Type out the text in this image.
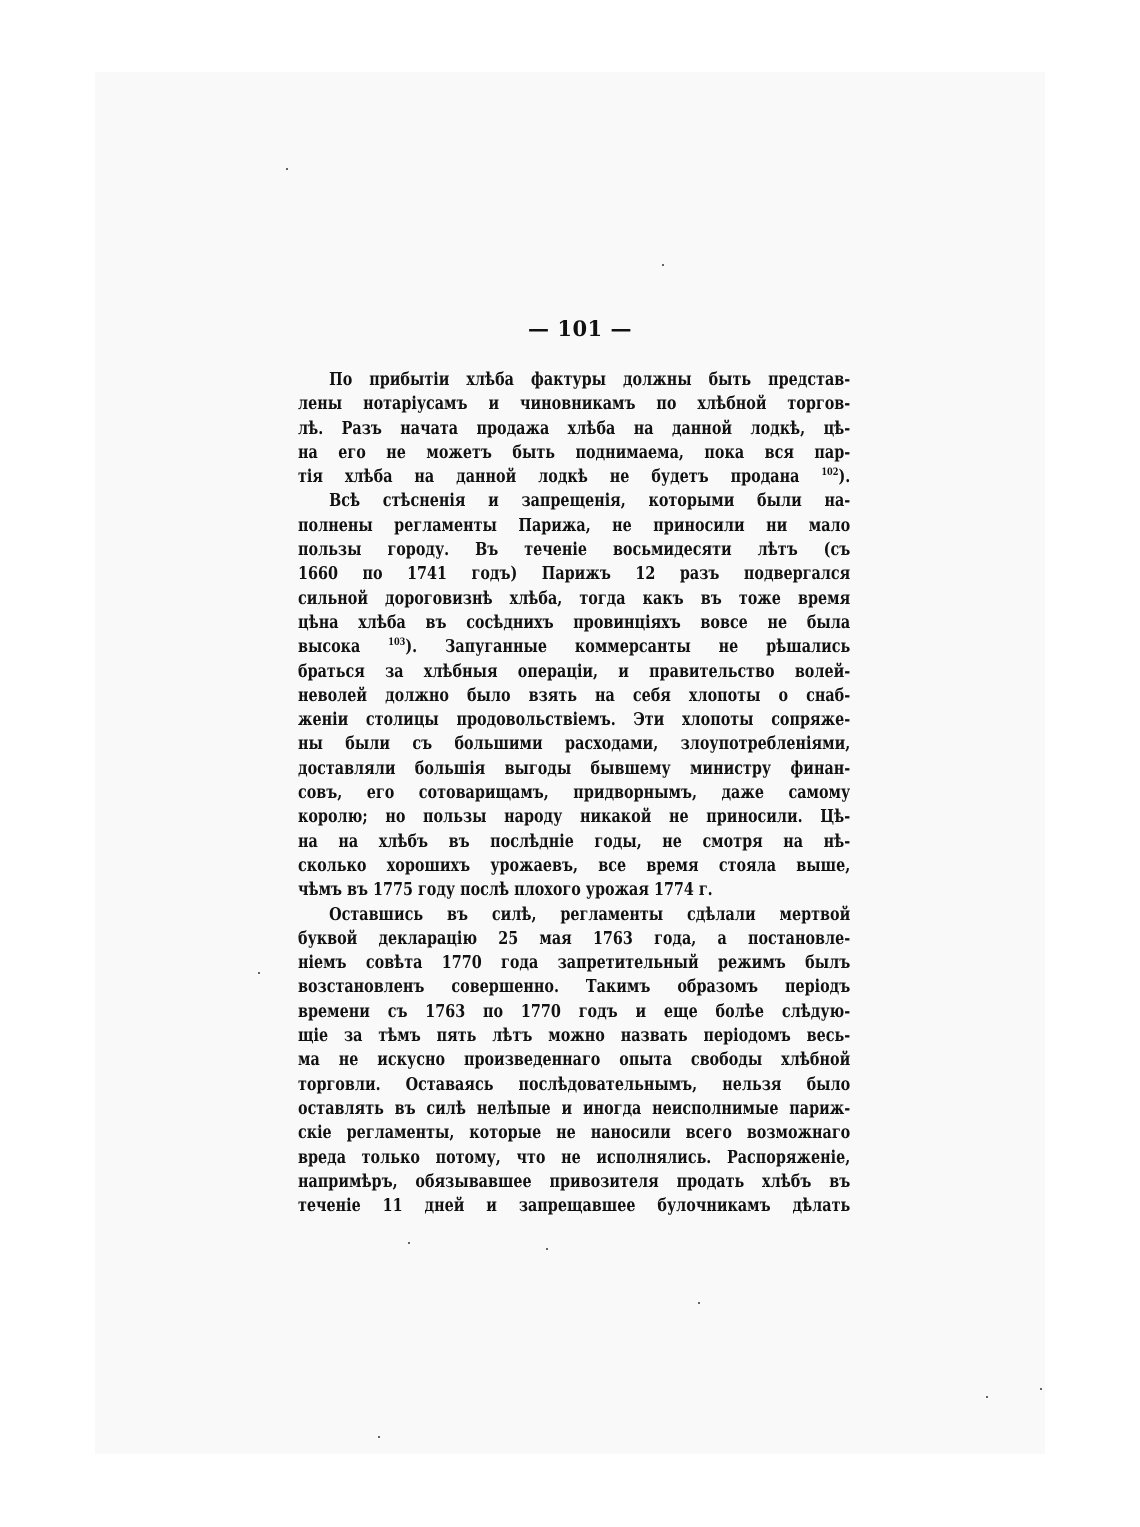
— 101 —
По прибытіи хлѣба фактуры должны быть представ-
лены нотаріусамъ и чиновникамъ по хлѣбной торгов-
лѣ. Разъ начата продажа хлѣба на данной лодкѣ, цѣ-
на его не можетъ быть поднимаема, пока вся пар-
тія хлѣба на данной лодкѣ не будетъ продана $^{102}$).
Всѣ стѣсненія и запрещенія, которыми были на-
полнены регламенты Парижа, не приносили ни мало
пользы городу. Въ теченіе восьмидесяти лѣтъ (съ
1660 по 1741 годъ) Парижъ 12 разъ подвергался
сильной дороговизнѣ хлѣба, тогда какъ въ тоже время
цѣна хлѣба въ сосѣднихъ провинціяхъ вовсе не была
высока	$^{103}$). Запуганные коммерсанты не рѣшались
браться за хлѣбныя операціи, и правительство волей-
неволей должно было взять на себя хлопоты о снаб-
женіи столицы продовольствіемъ. Эти хлопоты сопряже-
ны были съ большими расходами, злоупотребленіями,
доставляли большія выгоды бывшему министру финан-
совъ, его сотоварищамъ, придворнымъ, даже самому
королю; но пользы народу никакой не приносили. Цѣ-
на на хлѣбъ въ послѣдніе годы, не смотря на нѣ-
сколько хорошихъ урожаевъ, все время стояла выше,
чѣмъ въ 1775 году послѣ плохого урожая 1774 г.
Оставшись въ силѣ, регламенты сдѣлали мертвой
буквой декларацію 25 мая 1763 года, а постановле-
ніемъ совѣта 1770 года запретительный режимъ былъ
возстановленъ совершенно. Такимъ образомъ періодъ
времени съ 1763 по 1770 годъ и еще болѣе слѣдую-
щіе за тѣмъ пять лѣтъ можно назвать періодомъ весь-
ма не искусно произведеннаго опыта свободы хлѣбной
торговли. Оставаясь послѣдовательнымъ, нельзя было
оставлять въ силѣ нелѣпые и иногда неисполнимые париж-
скіе регламенты, которые не наносили всего возможнаго
вреда только потому, что не исполнялись. Распоряженіе,
напримѣръ, обязывавшее привозителя продать хлѣбъ въ
теченіе 11 дней и запрещавшее булочникамъ дѣлать
